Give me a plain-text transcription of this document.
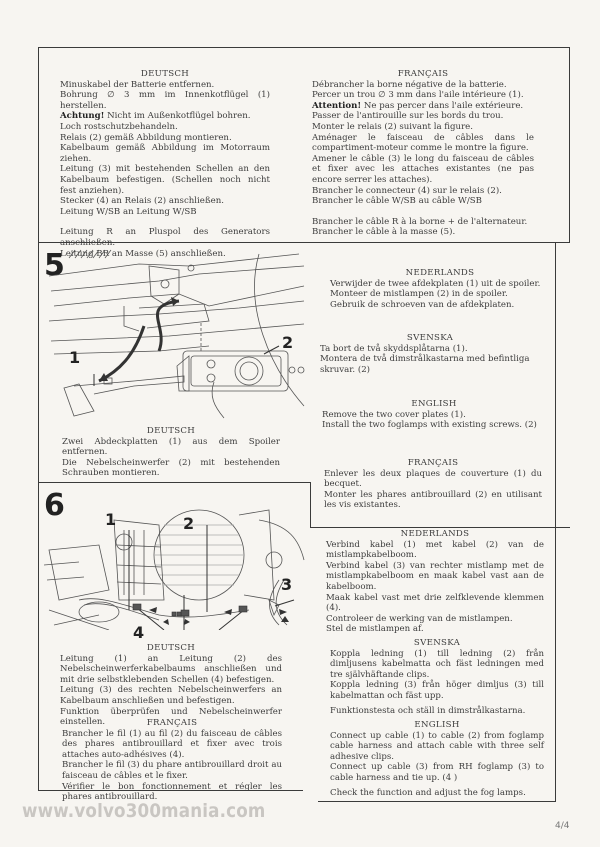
DEUTSCH

Minuskabel der Batterie entfernen.

Bohrung ∅ 3 mm im Innenkotflügel (1) herstellen.

Achtung! Nicht im Außenkotflügel bohren.

Loch rostschutzbehandeln.

Relais (2) gemäß Abbildung montieren.

Kabelbaum gemäß Abbildung im Motorraum ziehen.

Leitung (3) mit bestehenden Schellen an den Kabelbaum befestigen. (Schellen noch nicht fest anziehen).

Stecker (4) an Relais (2) anschließen.

Leitung W/SB an Leitung W/SB

Leitung R an Pluspol des Generators anschließen.

Leitung BR an Masse (5) anschließen.

FRANÇAIS

Débrancher la borne négative de la batterie.

Percer un trou ∅ 3 mm dans l'aile intérieure (1).

Attention! Ne pas percer dans l'aile extérieure.

Passer de l'antirouille sur les bords du trou.

Monter le relais (2) suivant la figure.

Aménager le faisceau de câbles dans le compartiment-moteur comme le montre la figure.

Amener le câble (3) le long du faisceau de câbles et fixer avec les attaches existantes (ne pas encore serrer les attaches).

Brancher le connecteur (4) sur le relais (2).

Brancher le câble W/SB au câble W/SB

Brancher le câble R à la borne + de l'alternateur.

Brancher le câble à la masse (5).

5
1
2

DEUTSCH

Zwei Abdeckplatten (1) aus dem Spoiler entfernen.

Die Nebelscheinwerfer (2) mit bestehenden Schrauben montieren.

NEDERLANDS

Verwijder de twee afdekplaten (1) uit de spoiler.

Monteer de mistlampen (2) in de spoiler.

Gebruik de schroeven van de afdekplaten.

SVENSKA

Ta bort de två skyddsplåtarna (1).

Montera de två dimstrålkastarna med befintliga skruvar. (2)

ENGLISH

Remove the two cover plates (1).

Install the two foglamps with existing screws. (2)

FRANÇAIS

Enlever les deux plaques de couverture (1) du becquet.

Monter les phares antibrouillard (2) en utilisant les vis existantes.

6	1	2
3
4

DEUTSCH

Leitung (1) an Leitung (2) des Nebelscheinwerferkabelbaums anschließen und mit drie selbstklebenden Schellen (4) befestigen.

Leitung (3) des rechten Nebelscheinwerfers an Kabelbaum anschließen und befestigen.

Funktion überprüfen und Nebelscheinwerfer einstellen.	FRANÇAIS

Brancher le fil (1) au fil (2) du faisceau de câbles des phares antibrouillard et fixer avec trois attaches auto-adhésives (4).

Brancher le fil (3) du phare antibrouillard droit au faisceau de câbles et le fixer.

Vérifier le bon fonctionnement et régler les phares antibrouillard.

NEDERLANDS

Verbind kabel (1) met kabel (2) van de mistlampkabelboom.

Verbind kabel (3) van rechter mistlamp met de mistlampkabelboom en maak kabel vast aan de kabelboom.

Maak kabel vast met drie zelfklevende klemmen (4).

Controleer de werking van de mistlampen.

Stel de mistlampen af.

SVENSKA

Koppla ledning (1) till ledning (2) från dimljusens kabelmatta och fäst ledningen med tre självhäftande clips.

Koppla ledning (3) från höger dimljus (3) till kabelmattan och fäst upp.

Funktionstesta och ställ in dimstrålkastarna.

ENGLISH

Connect up cable (1) to cable (2) from foglamp cable harness and attach cable with three self adhesive clips.

Connect up cable (3) from RH foglamp (3) to cable harness and tie up. (4 )

Check the function and adjust the fog lamps.

www.volvo300mania.com
4/4
